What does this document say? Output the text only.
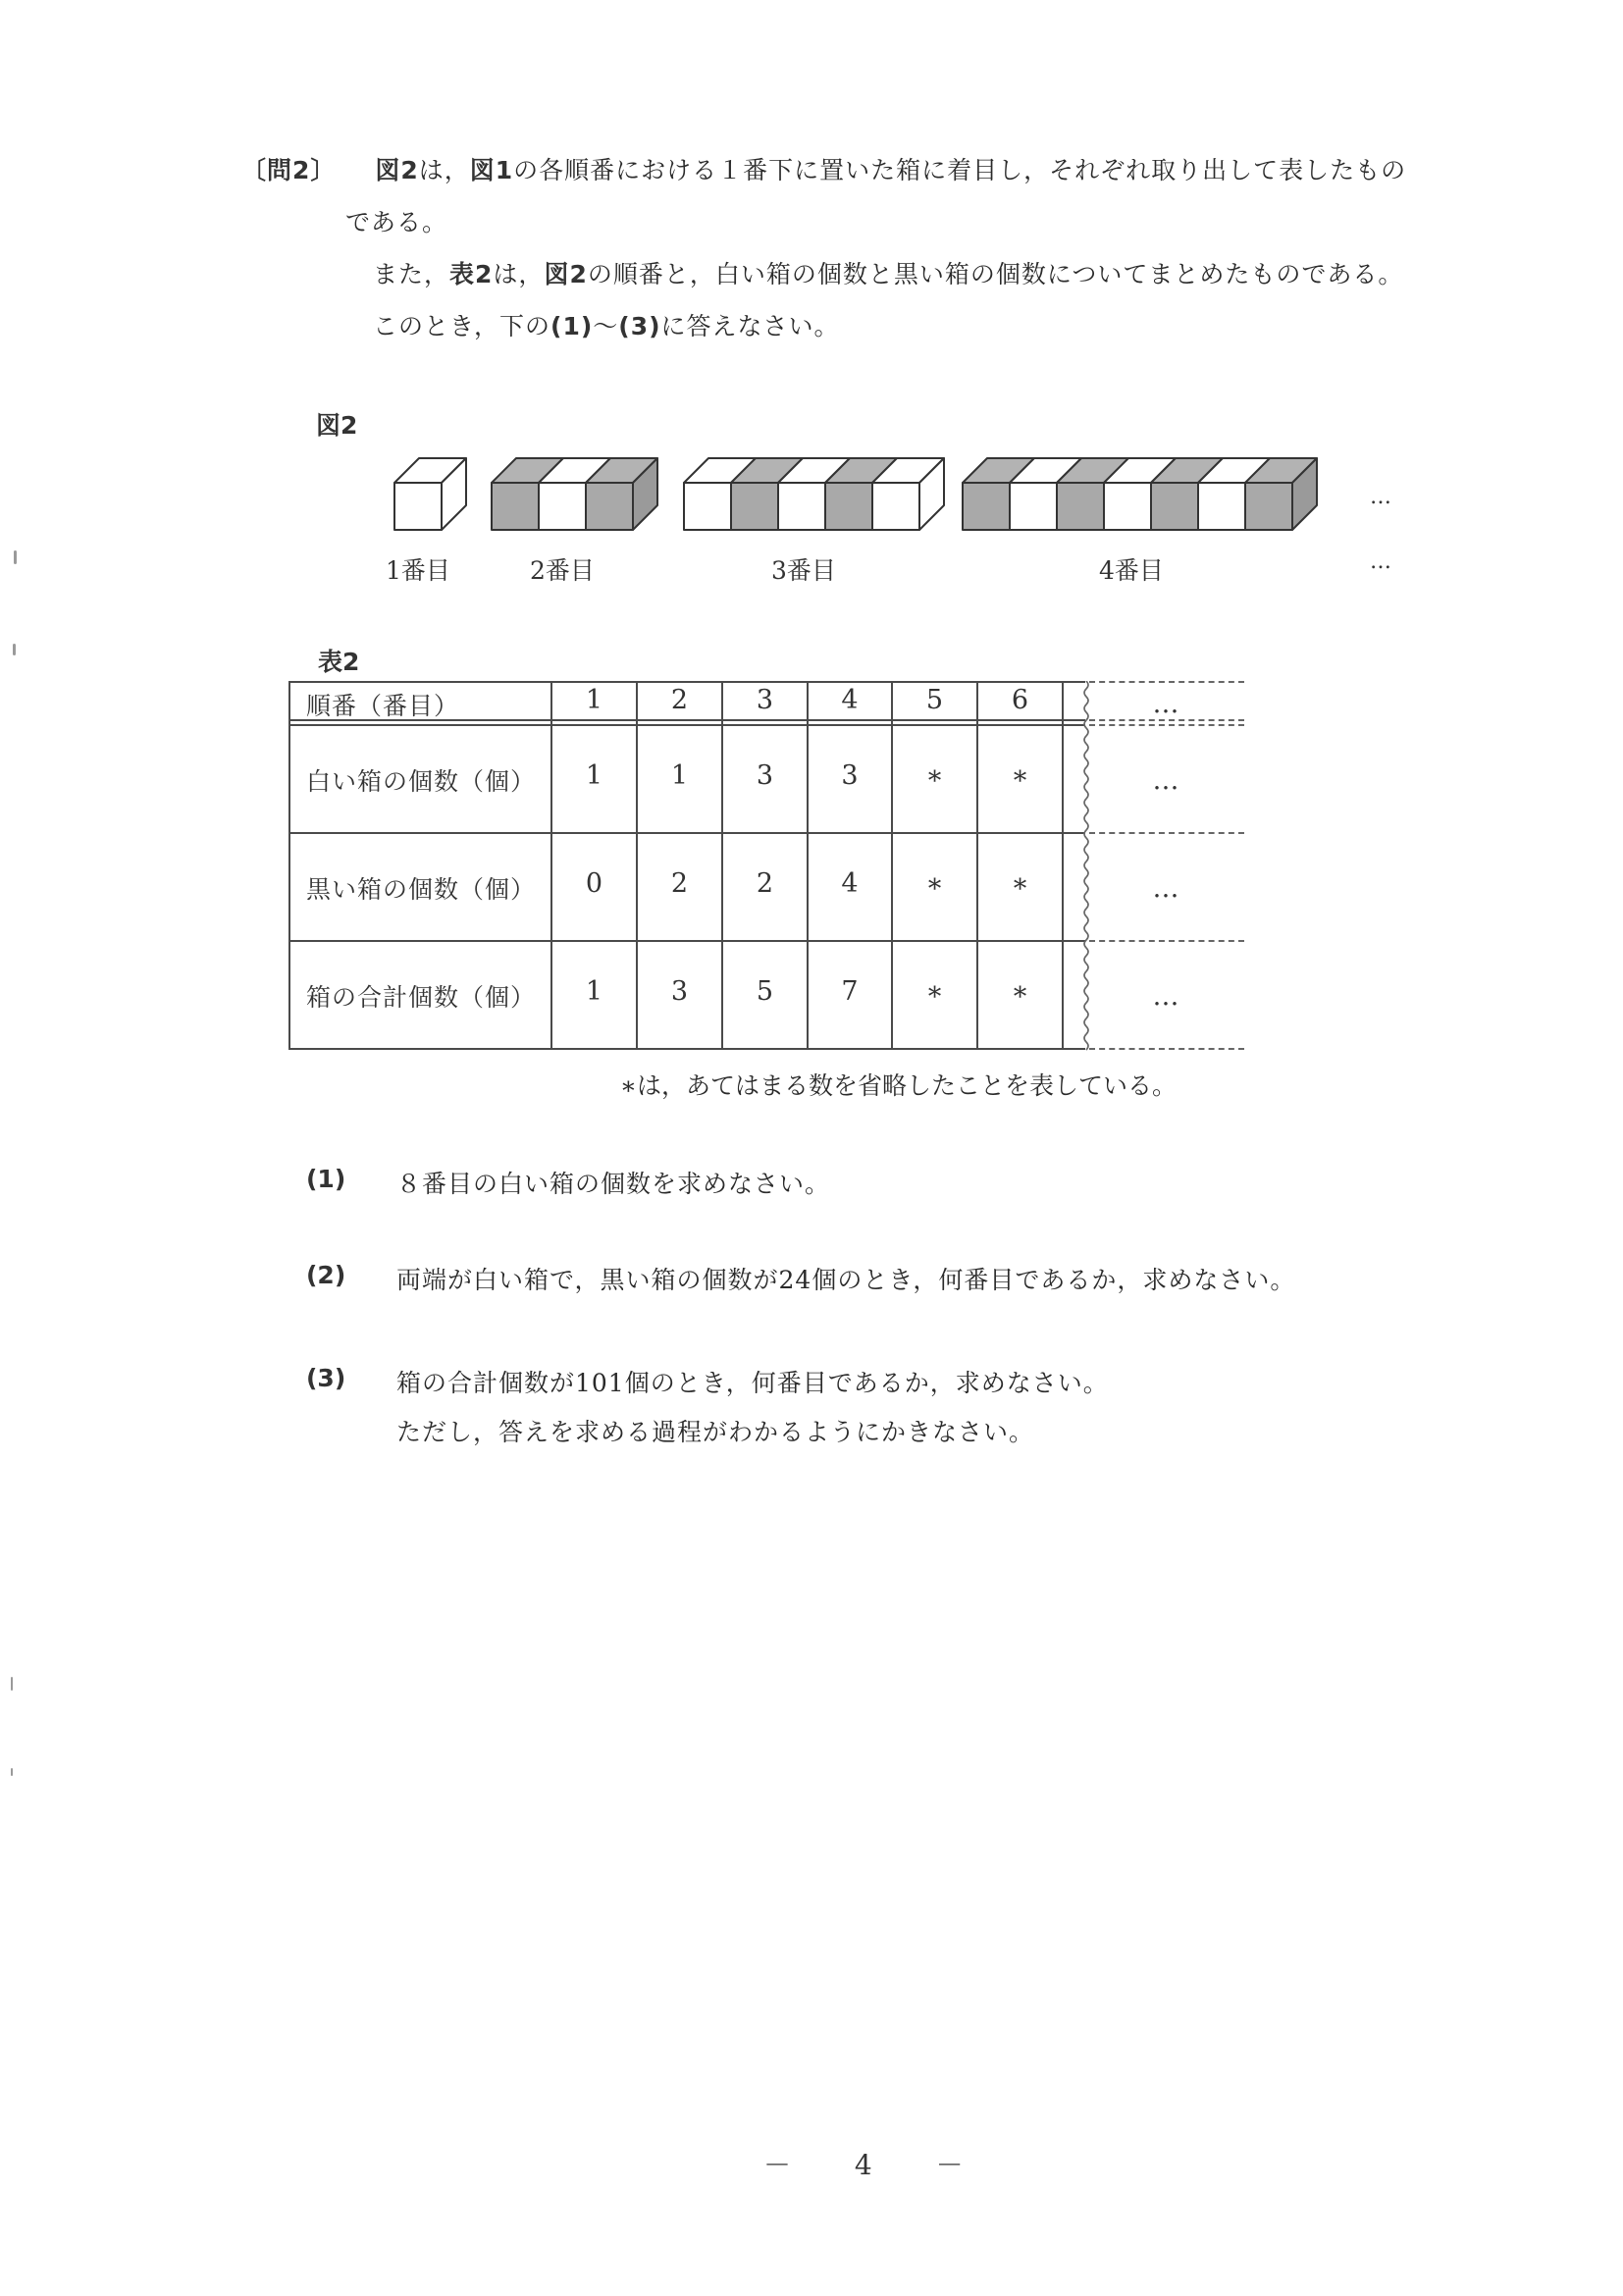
〔問2〕 図2は，図1の各順番における１番下に置いた箱に着目し，それぞれ取り出して表したもの
である。
また，表2は，図2の順番と，白い箱の個数と黒い箱の個数についてまとめたものである。
このとき，下の(1)～(3)に答えなさい。
図2
1番目	2番目	3番目	4番目
…
…
表2
順番（番目）	1	2	3	4	5	6	…
白い箱の個数（個）	1	1	3	3	∗	∗	…
黒い箱の個数（個）	0	2	2	4	∗	∗	…
箱の合計個数（個）	1	3	5	7	∗	∗	…
∗は，あてはまる数を省略したことを表している。
(1) ８番目の白い箱の個数を求めなさい。
(2) 両端が白い箱で，黒い箱の個数が24個のとき，何番目であるか，求めなさい。
(3) 箱の合計個数が101個のとき，何番目であるか，求めなさい。
ただし，答えを求める過程がわかるようにかきなさい。
－ 4 －
